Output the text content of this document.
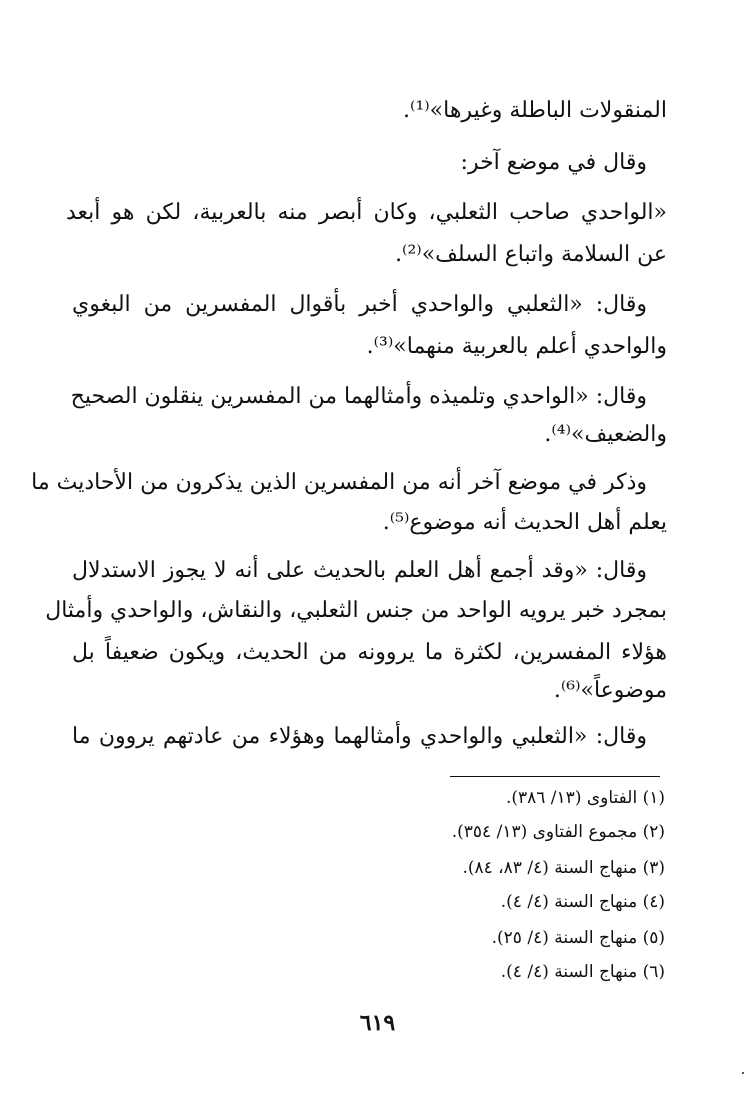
المنقولات الباطلة وغيرها»⁽¹⁾.
وقال في موضع آخر:
«الواحدي صاحب الثعلبي، وكان أبصر منه بالعربية، لكن هو أبعد
عن السلامة واتباع السلف»⁽²⁾.
وقال: «الثعلبي والواحدي أخبر بأقوال المفسرين من البغوي
والواحدي أعلم بالعربية منهما»⁽³⁾.
وقال: «الواحدي وتلميذه وأمثالهما من المفسرين ينقلون الصحيح
والضعيف»⁽⁴⁾.
وذكر في موضع آخر أنه من المفسرين الذين يذكرون من الأحاديث ما
يعلم أهل الحديث أنه موضوع⁽⁵⁾.
وقال: «وقد أجمع أهل العلم بالحديث على أنه لا يجوز الاستدلال
بمجرد خبر يرويه الواحد من جنس الثعلبي، والنقاش، والواحدي وأمثال
هؤلاء المفسرين، لكثرة ما يروونه من الحديث، ويكون ضعيفاً بل
موضوعاً»⁽⁶⁾.
وقال: «الثعلبي والواحدي وأمثالهما وهؤلاء من عادتهم يروون ما
(١) الفتاوى (١٣/ ٣٨٦).
(٢) مجموع الفتاوى (١٣/ ٣٥٤).
(٣) منهاج السنة (٤/ ٨٣، ٨٤).
(٤) منهاج السنة (٤/ ٤).
(٥) منهاج السنة (٤/ ٢٥).
(٦) منهاج السنة (٤/ ٤).
٦١٩
